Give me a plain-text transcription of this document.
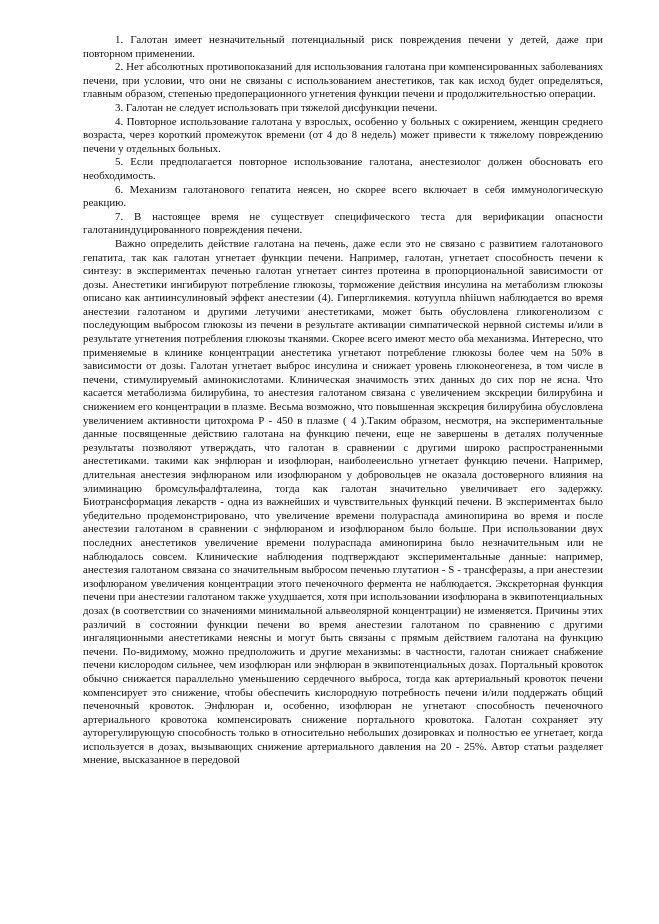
1. Галотан имеет незначительный потенциальный риск повреждения печени у детей, даже при повторном применении.

2. Нет абсолютных противопоказаний для использования галотана при компенсированных заболеваниях печени, при условии, что они не связаны с использованием анестетиков, так как исход будет определяться, главным образом, степенью предоперационного угнетения функции печени и продолжительностью операции.

3. Галотан не следует использовать при тяжелой дисфункции печени.

4. Повторное использование галотана у взрослых, особенно у больных с ожирением, женщин среднего возраста, через короткий промежуток времени (от 4 до 8 недель) может привести к тяжелому повреждению печени у отдельных больных.

5. Если предполагается повторное использование галотана, анестезиолог должен обосновать его необходимость.

6. Механизм галотанового гепатита неясен, но скорее всего включает в себя иммунологическую реакцию.

7. В настоящее время не существует специфического теста для верификации опасности галотаниндуцированного повреждения печени.

Важно определить действие галотана на печень, даже если это не связано с развитием галотанового гепатита, так как галотан угнетает функции печени. Например, галотан, угнетает способность печени к синтезу: в экспериментах печенью галотан угнетает синтез протеина в пропорциональной зависимости от дозы. Анестетики ингибируют потребление глюкозы, торможение действия инсулина на метаболизм глюкозы описано как антиинсулиновый эффект анестезии (4). Гипергликемия. котуупла nhiiuwn наблюдается во время анестезии галотаном и другими летучими анестетиками, может быть обусловлена гликогенолизом с последующим выбросом глюкозы из печени в результате активации симпатической нервной системы и/или в результате угнетения потребления глюкозы тканями. Скорее всего имеют место оба механизма. Интересно, что применяемые в клинике концентрации анестетика угнетают потребление глюкозы более чем на 50% в зависимости от дозы. Галотан угнетает выброс инсулина и снижает уровень глюконеогенеза, в том числе в печени, стимулируемый аминокислотами. Клиническая значимость этих данных до сих пор не ясна. Что касается метаболизма билирубина, то анестезия галотаном связана с увеличением экскреции билирубина и снижением его концентрации в плазме. Весьма возможно, что повышенная экскреция билирубина обусловлена увеличением активности цитохрома Р - 450 в плазме ( 4 ).Таким образом, несмотря, на экспериментальные данные посвященные действию галотана на функцию печени, еще не завершены в деталях полученные результаты позволяют утверждать, что галотан в сравнении с другими широко распространенными анестетиками. такими как энфлюран и изофлюран, наиболееисльно угнетает функцию печени. Например, длительная анестезия энфлюраном или изофлюраном у добровольцев не оказала достоверного влияния на элиминацию бромсульфалфталеина, тогда как галотан значительно увеличивает его задержку. Биотрансформация лекарств - одна из важнейших и чувствительных функций печени. В экспериментах было убедительно продемонстрировано, что увеличение времени полураспада аминопирина во время и после анестезии галотаном в сравнении с энфлюраном и изофлюраном было больше. При использовании двух последних анестетиков увеличение времени полураспада аминопирина было незначительным или не наблюдалось совсем. Клинические наблюдения подтверждают экспериментальные данные: например, анестезия галотаном связана со значительным выбросом печенью глутатион - S - трансферазы, а при анестезии изофлюраном увеличения концентрации этого печеночного фермента не наблюдается. Экскреторная функция печени при анестезии галотаном также ухудшается, хотя при использовании изофлюрана в эквипотенциальных дозах (в соответствии со значениями минимальной альвеолярной концентрации) не изменяется. Причины этих различий в состоянии функции печени во время анестезии галотаном по сравнению с другими ингаляционными анестетиками неясны и могут быть связаны с прямым действием галотана на функцию печени. По-видимому, можно предположить и другие механизмы: в частности, галотан снижает снабжение печени кислородом сильнее, чем изофлюран или энфлюран в эквипотенциальных дозах. Портальный кровоток обычно снижается параллельно уменьшению сердечного выброса, тогда как артериальный кровоток печени компенсирует это снижение, чтобы обеспечить кислородную потребность печени и/или поддержать общий печеночный кровоток. Энфлюран и, особенно, изофлюран не угнетают способность печеночного артериального кровотока компенсировать снижение портального кровотока. Галотан сохраняет эту ауторегулирующую способность только в относительно небольших дозировках и полностью ее угнетает, когда используется в дозах, вызывающих снижение артериального давления на 20 - 25%. Автор статьи разделяет мнение, высказанное в передовой
